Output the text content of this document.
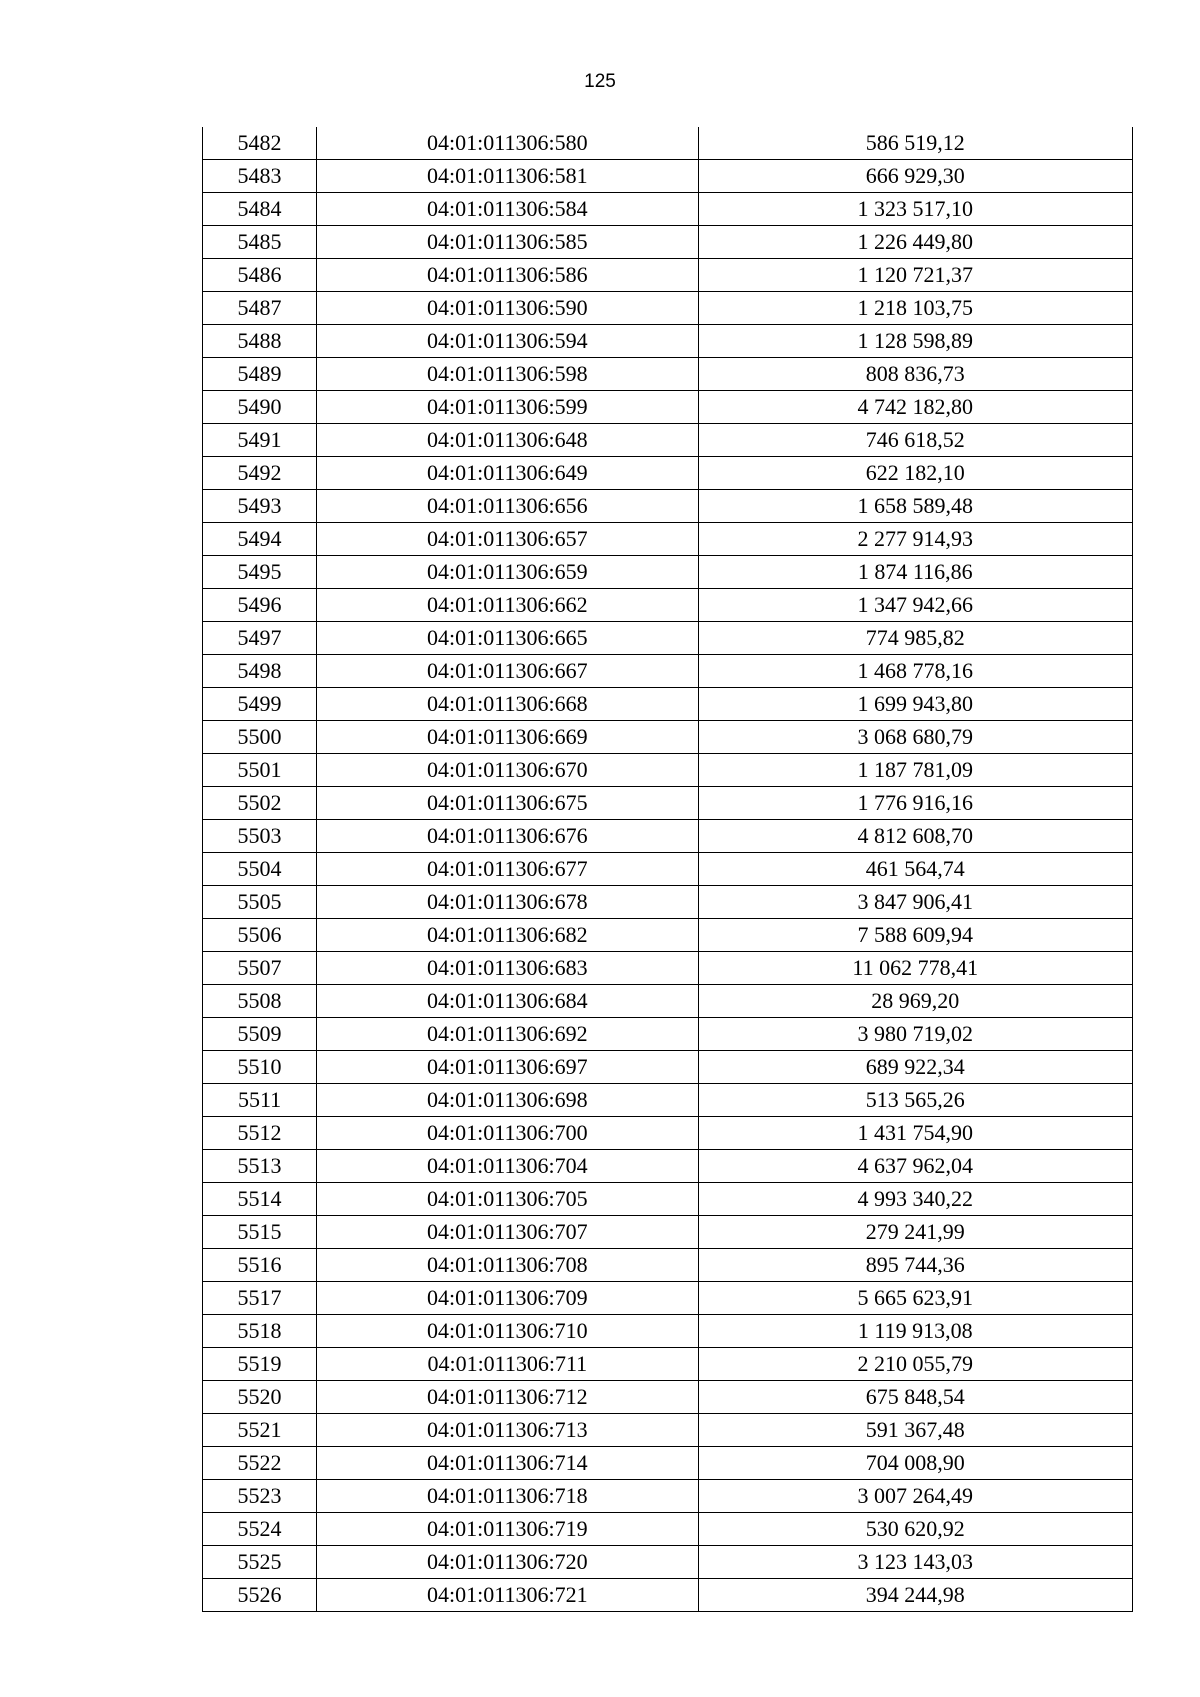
125
5482	04:01:011306:580	586 519,12
5483	04:01:011306:581	666 929,30
5484	04:01:011306:584	1 323 517,10
5485	04:01:011306:585	1 226 449,80
5486	04:01:011306:586	1 120 721,37
5487	04:01:011306:590	1 218 103,75
5488	04:01:011306:594	1 128 598,89
5489	04:01:011306:598	808 836,73
5490	04:01:011306:599	4 742 182,80
5491	04:01:011306:648	746 618,52
5492	04:01:011306:649	622 182,10
5493	04:01:011306:656	1 658 589,48
5494	04:01:011306:657	2 277 914,93
5495	04:01:011306:659	1 874 116,86
5496	04:01:011306:662	1 347 942,66
5497	04:01:011306:665	774 985,82
5498	04:01:011306:667	1 468 778,16
5499	04:01:011306:668	1 699 943,80
5500	04:01:011306:669	3 068 680,79
5501	04:01:011306:670	1 187 781,09
5502	04:01:011306:675	1 776 916,16
5503	04:01:011306:676	4 812 608,70
5504	04:01:011306:677	461 564,74
5505	04:01:011306:678	3 847 906,41
5506	04:01:011306:682	7 588 609,94
5507	04:01:011306:683	11 062 778,41
5508	04:01:011306:684	28 969,20
5509	04:01:011306:692	3 980 719,02
5510	04:01:011306:697	689 922,34
5511	04:01:011306:698	513 565,26
5512	04:01:011306:700	1 431 754,90
5513	04:01:011306:704	4 637 962,04
5514	04:01:011306:705	4 993 340,22
5515	04:01:011306:707	279 241,99
5516	04:01:011306:708	895 744,36
5517	04:01:011306:709	5 665 623,91
5518	04:01:011306:710	1 119 913,08
5519	04:01:011306:711	2 210 055,79
5520	04:01:011306:712	675 848,54
5521	04:01:011306:713	591 367,48
5522	04:01:011306:714	704 008,90
5523	04:01:011306:718	3 007 264,49
5524	04:01:011306:719	530 620,92
5525	04:01:011306:720	3 123 143,03
5526	04:01:011306:721	394 244,98
